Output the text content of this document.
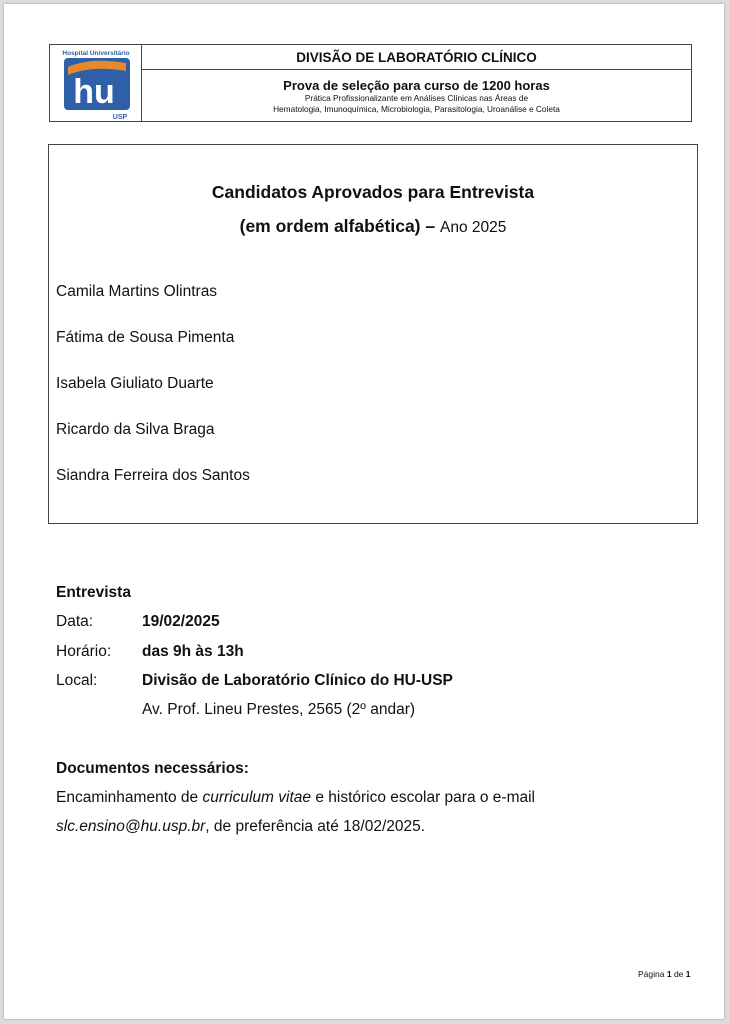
Hospital Universitário
hu
USP
DIVISÃO DE LABORATÓRIO CLÍNICO
Prova de seleção para curso de 1200 horas
Prática Profissionalizante em Análises Clínicas nas Áreas de
Hematologia, Imunoquímica, Microbiologia, Parasitologia, Uroanálise e Coleta
Candidatos Aprovados para Entrevista
(em ordem alfabética) – Ano 2025
Camila Martins Olintras
Fátima de Sousa Pimenta
Isabela Giuliato Duarte
Ricardo da Silva Braga
Siandra Ferreira dos Santos
Entrevista
Data:	19/02/2025
Horário: das 9h às 13h
Local:	Divisão de Laboratório Clínico do HU-USP
Av. Prof. Lineu Prestes, 2565 (2º andar)
Documentos necessários:
Encaminhamento de curriculum vitae e histórico escolar para o e-mail
slc.ensino@hu.usp.br, de preferência até 18/02/2025.
Página 1 de 1
